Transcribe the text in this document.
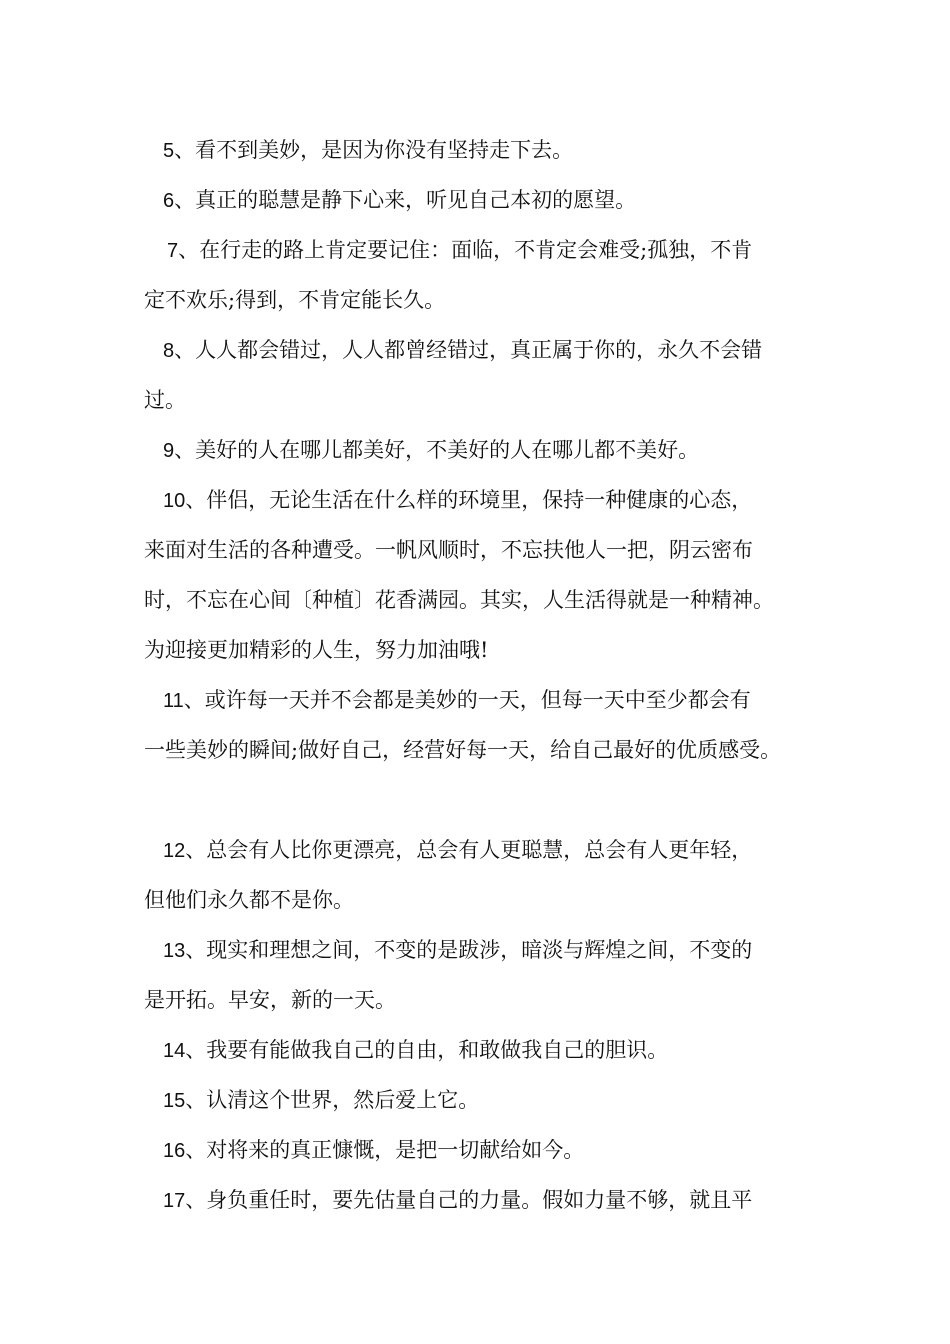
5、看不到美妙，是因为你没有坚持走下去。
6、真正的聪慧是静下心来，听见自己本初的愿望。
7、在行走的路上肯定要记住：面临，不肯定会难受;孤独，不肯
定不欢乐;得到，不肯定能长久。
8、人人都会错过，人人都曾经错过，真正属于你的，永久不会错
过。
9、美好的人在哪儿都美好，不美好的人在哪儿都不美好。
10、伴侣，无论生活在什么样的环境里，保持一种健康的心态，
来面对生活的各种遭受。一帆风顺时，不忘扶他人一把，阴云密布
时，不忘在心间〔种植〕花香满园。其实，人生活得就是一种精神。
为迎接更加精彩的人生，努力加油哦!
11、或许每一天并不会都是美妙的一天，但每一天中至少都会有
一些美妙的瞬间;做好自己，经营好每一天，给自己最好的优质感受。
12、总会有人比你更漂亮，总会有人更聪慧，总会有人更年轻，
但他们永久都不是你。
13、现实和理想之间，不变的是跋涉，暗淡与辉煌之间，不变的
是开拓。早安，新的一天。
14、我要有能做我自己的自由，和敢做我自己的胆识。
15、认清这个世界，然后爱上它。
16、对将来的真正慷慨，是把一切献给如今。
17、身负重任时，要先估量自己的力量。假如力量不够，就且平
